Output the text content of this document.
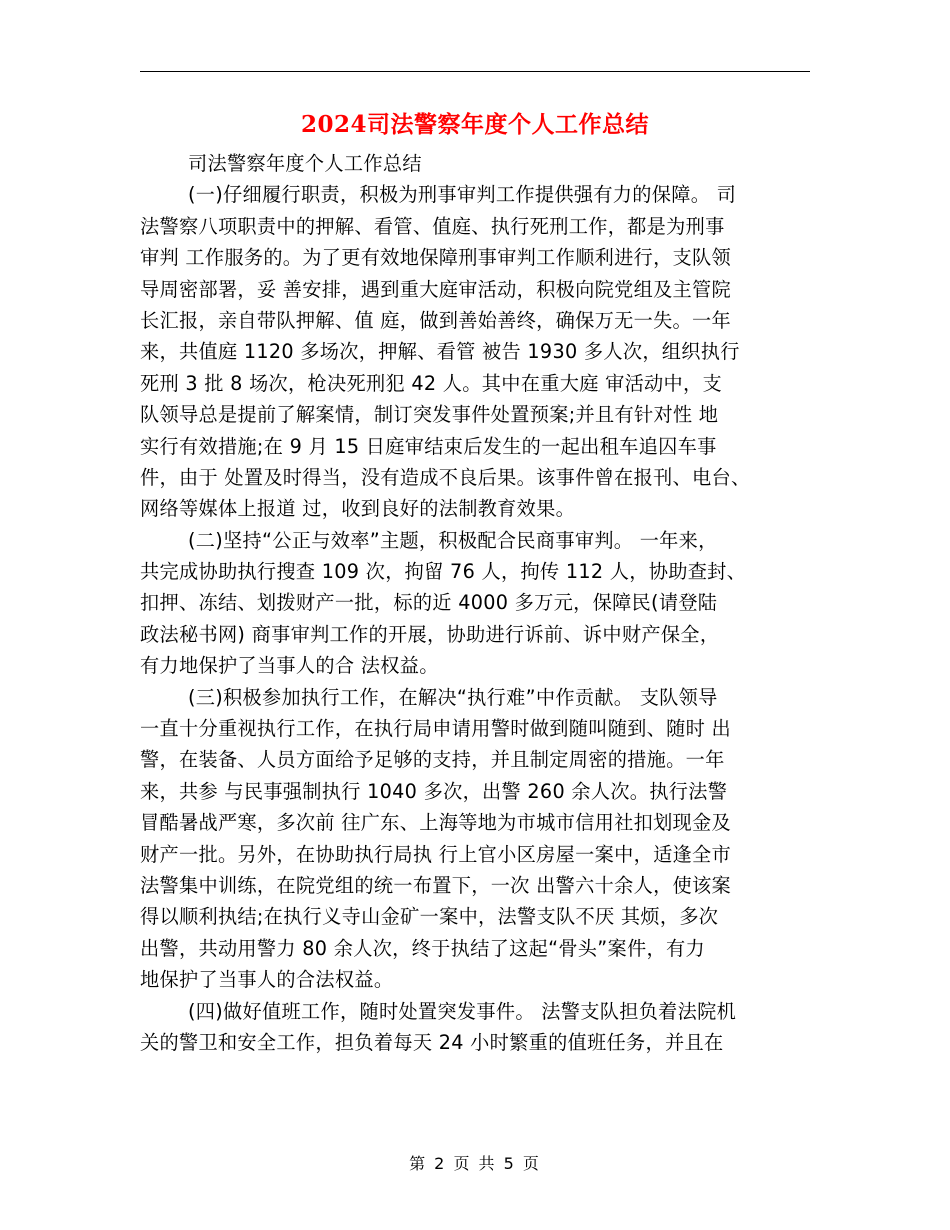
2024司法警察年度个人工作总结
司法警察年度个人工作总结
(一)仔细履行职责，积极为刑事审判工作提供强有力的保障。 司
法警察八项职责中的押解、看管、值庭、执行死刑工作，都是为刑事
审判 工作服务的。为了更有效地保障刑事审判工作顺利进行，支队领
导周密部署，妥 善安排，遇到重大庭审活动，积极向院党组及主管院
长汇报，亲自带队押解、值 庭，做到善始善终，确保万无一失。一年
来，共值庭 1120 多场次，押解、看管 被告 1930 多人次，组织执行
死刑 3 批 8 场次，枪决死刑犯 42 人。其中在重大庭 审活动中，支
队领导总是提前了解案情，制订突发事件处置预案;并且有针对性 地
实行有效措施;在 9 月 15 日庭审结束后发生的一起出租车追囚车事
件，由于 处置及时得当，没有造成不良后果。该事件曾在报刊、电台、
网络等媒体上报道 过，收到良好的法制教育效果。
(二)坚持“公正与效率”主题，积极配合民商事审判。 一年来，
共完成协助执行搜查 109 次，拘留 76 人，拘传 112 人，协助查封、
扣押、冻结、划拨财产一批，标的近 4000 多万元，保障民(请登陆
政法秘书网) 商事审判工作的开展，协助进行诉前、诉中财产保全，
有力地保护了当事人的合 法权益。
(三)积极参加执行工作，在解决“执行难”中作贡献。 支队领导
一直十分重视执行工作，在执行局申请用警时做到随叫随到、随时 出
警，在装备、人员方面给予足够的支持，并且制定周密的措施。一年
来，共参 与民事强制执行 1040 多次，出警 260 余人次。执行法警
冒酷暑战严寒，多次前 往广东、上海等地为市城市信用社扣划现金及
财产一批。另外，在协助执行局执 行上官小区房屋一案中，适逢全市
法警集中训练，在院党组的统一布置下，一次 出警六十余人，使该案
得以顺利执结;在执行义寺山金矿一案中，法警支队不厌 其烦，多次
出警，共动用警力 80 余人次，终于执结了这起“骨头”案件，有力
地保护了当事人的合法权益。
(四)做好值班工作，随时处置突发事件。 法警支队担负着法院机
关的警卫和安全工作，担负着每天 24 小时繁重的值班任务，并且在
第 2 页 共 5 页
